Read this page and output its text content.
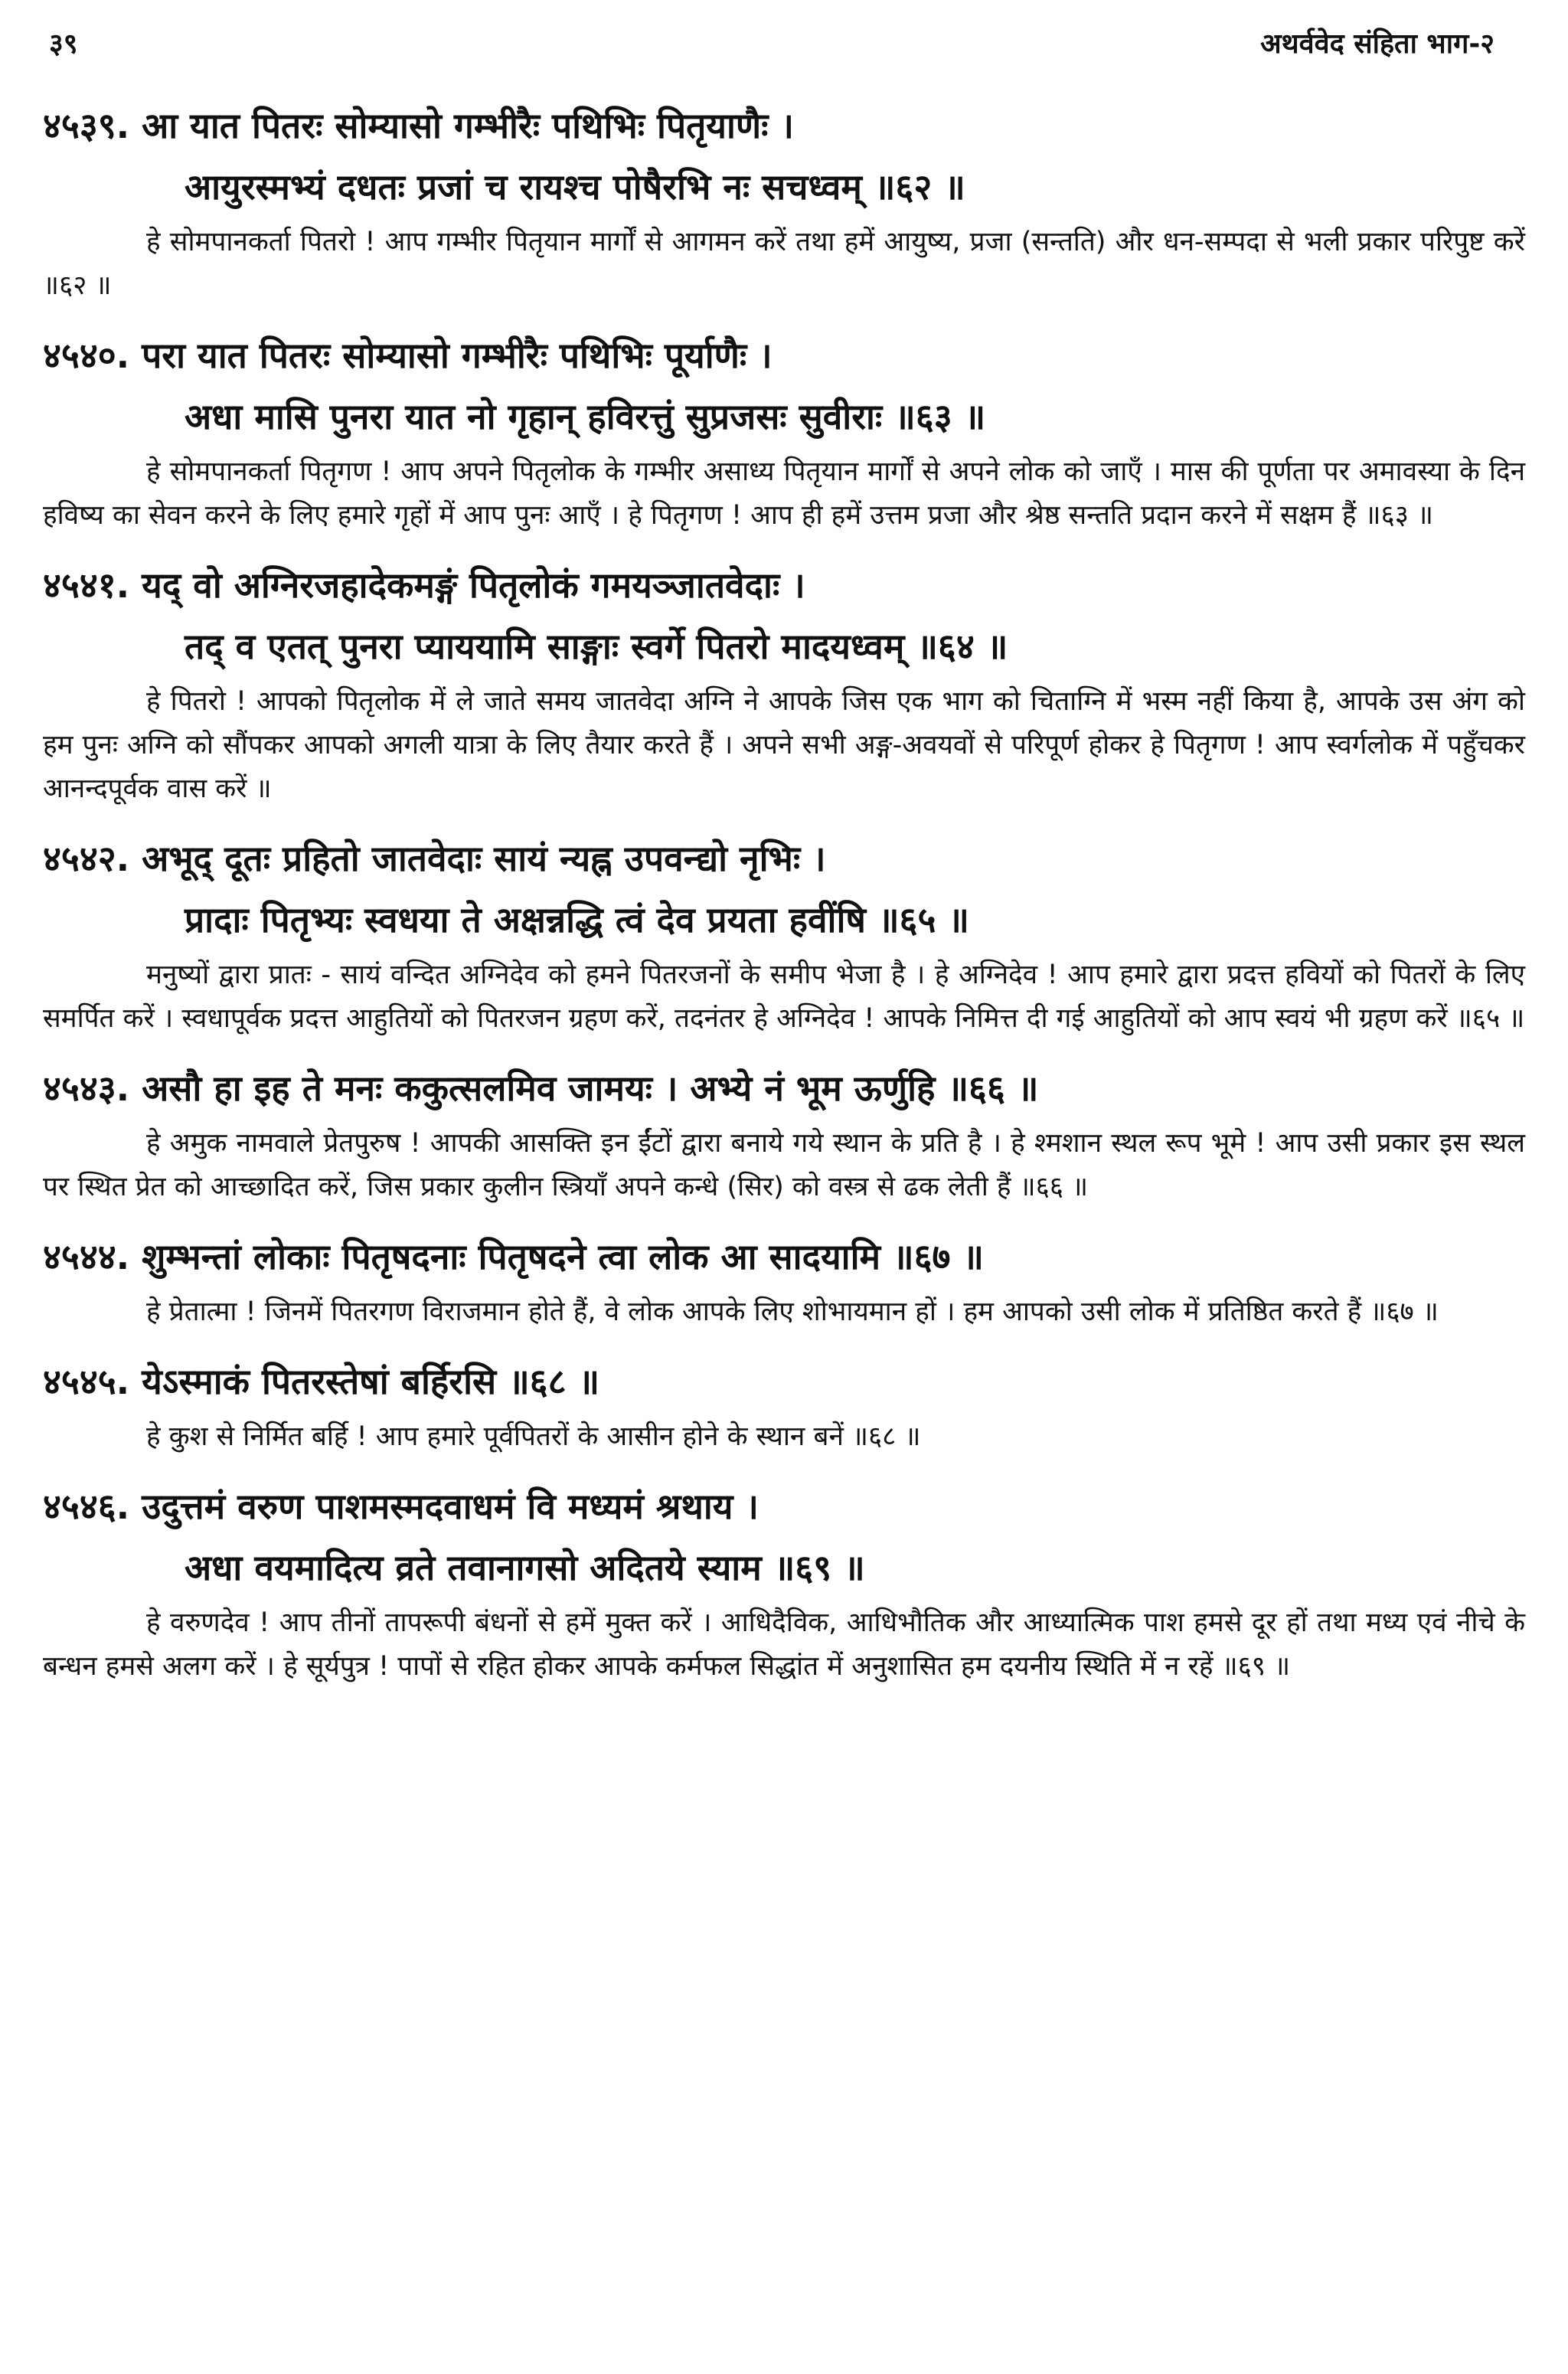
३९	अथर्ववेद संहिता भाग-२
४५३९. आ यात पितरः सोम्यासो गम्भीरैः पथिभिः पितृयाणैः ।
आयुरस्मभ्यं दधतः प्रजां च रायश्च पोषैरभि नः सचध्वम् ॥६२ ॥
हे सोमपानकर्ता पितरो ! आप गम्भीर पितृयान मार्गों से आगमन करें तथा हमें आयुष्य, प्रजा (सन्तति) और धन-सम्पदा से भली प्रकार परिपुष्ट करें ॥६२ ॥
४५४०. परा यात पितरः सोम्यासो गम्भीरैः पथिभिः पूर्याणैः ।
अधा मासि पुनरा यात नो गृहान् हविरत्तुं सुप्रजसः सुवीराः ॥६३ ॥
हे सोमपानकर्ता पितृगण ! आप अपने पितृलोक के गम्भीर असाध्य पितृयान मार्गों से अपने लोक को जाएँ । मास की पूर्णता पर अमावस्या के दिन हविष्य का सेवन करने के लिए हमारे गृहों में आप पुनः आएँ । हे पितृगण ! आप ही हमें उत्तम प्रजा और श्रेष्ठ सन्तति प्रदान करने में सक्षम हैं ॥६३ ॥
४५४१. यद् वो अग्निरजहादेकमङ्गं पितृलोकं गमयञ्जातवेदाः ।
तद् व एतत् पुनरा प्याययामि साङ्गाः स्वर्गे पितरो मादयध्वम् ॥६४ ॥
हे पितरो ! आपको पितृलोक में ले जाते समय जातवेदा अग्नि ने आपके जिस एक भाग को चिताग्नि में भस्म नहीं किया है, आपके उस अंग को हम पुनः अग्नि को सौंपकर आपको अगली यात्रा के लिए तैयार करते हैं । अपने सभी अङ्ग-अवयवों से परिपूर्ण होकर हे पितृगण ! आप स्वर्गलोक में पहुँचकर आनन्दपूर्वक वास करें ॥
४५४२. अभूद् दूतः प्रहितो जातवेदाः सायं न्यह्न उपवन्द्यो नृभिः ।
प्रादाः पितृभ्यः स्वधया ते अक्षन्नद्धि त्वं देव प्रयता हवींषि ॥६५ ॥
मनुष्यों द्वारा प्रातः - सायं वन्दित अग्निदेव को हमने पितरजनों के समीप भेजा है । हे अग्निदेव ! आप हमारे द्वारा प्रदत्त हवियों को पितरों के लिए समर्पित करें । स्वधापूर्वक प्रदत्त आहुतियों को पितरजन ग्रहण करें, तदनंतर हे अग्निदेव ! आपके निमित्त दी गई आहुतियों को आप स्वयं भी ग्रहण करें ॥६५ ॥
४५४३. असौ हा इह ते मनः ककुत्सलमिव जामयः । अभ्ये नं भूम ऊर्णुहि ॥६६ ॥
हे अमुक नामवाले प्रेतपुरुष ! आपकी आसक्ति इन ईंटों द्वारा बनाये गये स्थान के प्रति है । हे श्मशान स्थल रूप भूमे ! आप उसी प्रकार इस स्थल पर स्थित प्रेत को आच्छादित करें, जिस प्रकार कुलीन स्त्रियाँ अपने कन्धे (सिर) को वस्त्र से ढक लेती हैं ॥६६ ॥
४५४४. शुम्भन्तां लोकाः पितृषदनाः पितृषदने त्वा लोक आ सादयामि ॥६७ ॥
हे प्रेतात्मा ! जिनमें पितरगण विराजमान होते हैं, वे लोक आपके लिए शोभायमान हों । हम आपको उसी लोक में प्रतिष्ठित करते हैं ॥६७ ॥
४५४५. येऽस्माकं पितरस्तेषां बर्हिरसि ॥६८ ॥
हे कुश से निर्मित बर्हि ! आप हमारे पूर्वपितरों के आसीन होने के स्थान बनें ॥६८ ॥
४५४६. उदुत्तमं वरुण पाशमस्मदवाधमं वि मध्यमं श्रथाय ।
अधा वयमादित्य व्रते तवानागसो अदितये स्याम ॥६९ ॥
हे वरुणदेव ! आप तीनों तापरूपी बंधनों से हमें मुक्त करें । आधिदैविक, आधिभौतिक और आध्यात्मिक पाश हमसे दूर हों तथा मध्य एवं नीचे के बन्धन हमसे अलग करें । हे सूर्यपुत्र ! पापों से रहित होकर आपके कर्मफल सिद्धांत में अनुशासित हम दयनीय स्थिति में न रहें ॥६९ ॥
